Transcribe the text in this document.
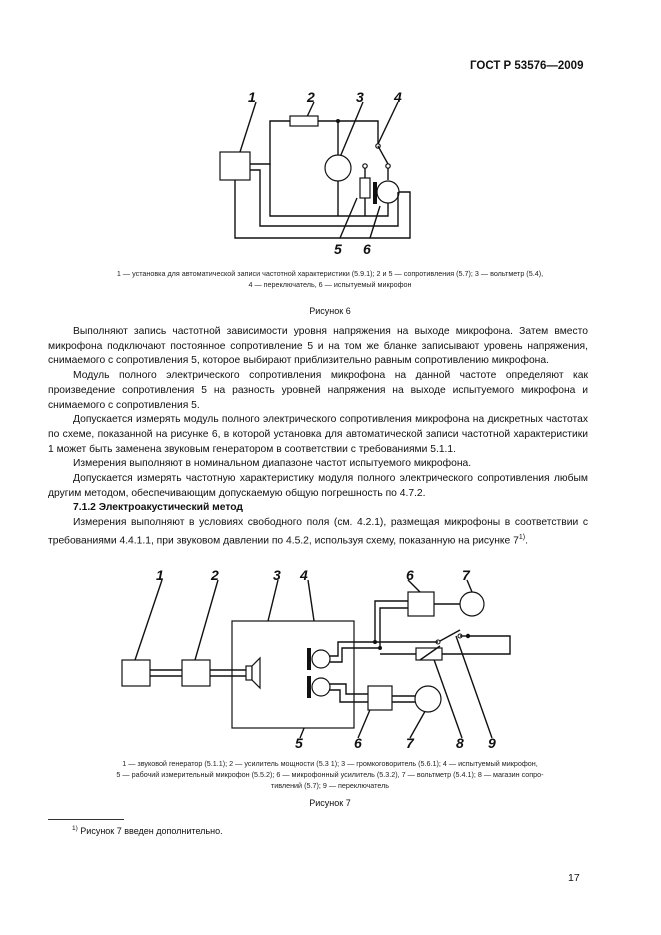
ГОСТ Р 53576—2009
1	2	3 4
5 6
1 — установка для автоматической записи частотной характеристики (5.9.1); 2 и 5 — сопротивления (5.7); 3 — вольтметр (5.4),
4 — переключатель, 6 — испытуемый микрофон
Рисунок 6

Выполняют запись частотной зависимости уровня напряжения на выходе микрофона. Затем вместо микрофона подключают постоянное сопротивление 5 и на том же бланке записывают уровень напряжения, снимаемого с сопротивления 5, которое выбирают приблизительно равным сопротивлению микрофона.

Модуль полного электрического сопротивления микрофона на данной частоте определяют как произведение сопротивления 5 на разность уровней напряжения на выходе испытуемого микрофона и снимаемого с сопротивления 5.

Допускается измерять модуль полного электрического сопротивления микрофона на дискретных частотах по схеме, показанной на рисунке 6, в которой установка для автоматической записи частотной характеристики 1 может быть заменена звуковым генератором в соответствии с требованиями 5.1.1.

Измерения выполняют в номинальном диапазоне частот испытуемого микрофона.

Допускается измерять частотную характеристику модуля полного электрического сопротивления любым другим методом, обеспечивающим допускаемую общую погрешность по 4.7.2.

7.1.2 Электроакустический метод

Измерения выполняют в условиях свободного поля (см. 4.2.1), размещая микрофоны в соответствии с требованиями 4.4.1.1, при звуковом давлении по 4.5.2, используя схему, показанную на рисунке 7$^{1)}$.

1	2	3 4
5
6
6
7
7	8 9
1 — звуковой генератор (5.1.1); 2 — усилитель мощности (5.3 1); 3 — громкоговоритель (5.6.1); 4 — испытуемый микрофон,
5 — рабочий измерительный микрофон (5.5.2); 6 — микрофонный усилитель (5.3.2), 7 — вольтметр (5.4.1); 8 — магазин сопро-
тивлений (5.7); 9 — переключатель
Рисунок 7
$^{1)}$ Рисунок 7 введен дополнительно.
17
